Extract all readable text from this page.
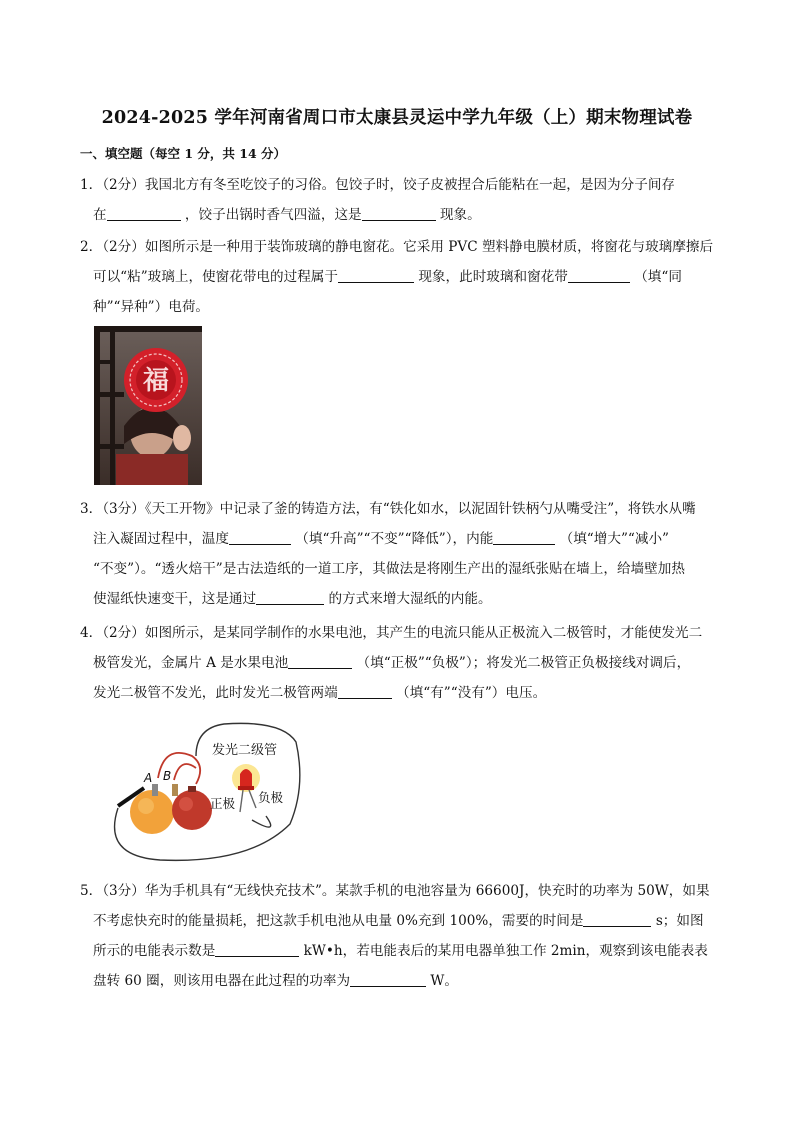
2024-2025 学年河南省周口市太康县灵运中学九年级（上）期末物理试卷
一、填空题（每空 1 分，共 14 分）
1．（2分）我国北方有冬至吃饺子的习俗。包饺子时，饺子皮被捏合后能粘在一起，是因为分子间存
在	，饺子出锅时香气四溢，这是	现象。
2．（2分）如图所示是一种用于装饰玻璃的静电窗花。它采用 PVC 塑料静电膜材质，将窗花与玻璃摩擦后
可以“粘”玻璃上，使窗花带电的过程属于	现象，此时玻璃和窗花带	（填“同
种”“异种”）电荷。
福
3．（3分）《天工开物》中记录了釜的铸造方法，有“铁化如水，以泥固针铁柄勺从嘴受注”，将铁水从嘴
注入凝固过程中，温度	（填“升高”“不变”“降低”），内能	（填“增大”“减小”
“不变”）。“透火焙干”是古法造纸的一道工序，其做法是将刚生产出的湿纸张贴在墙上，给墙壁加热
使湿纸快速变干，这是通过	的方式来增大湿纸的内能。
4．（2分）如图所示，是某同学制作的水果电池，其产生的电流只能从正极流入二极管时，才能使发光二
极管发光，金属片 A 是水果电池	（填“正极”“负极”）；将发光二极管正负极接线对调后，
发光二极管不发光，此时发光二极管两端	（填“有”“没有”）电压。
A B
发光二级管
正极 负极
5．（3分）华为手机具有“无线快充技术”。某款手机的电池容量为 66600J，快充时的功率为 50W，如果
不考虑快充时的能量损耗，把这款手机电池从电量 0%充到 100%，需要的时间是	s；如图
所示的电能表示数是	kW•h，若电能表后的某用电器单独工作 2min，观察到该电能表表
盘转 60 圈，则该用电器在此过程的功率为	W。
